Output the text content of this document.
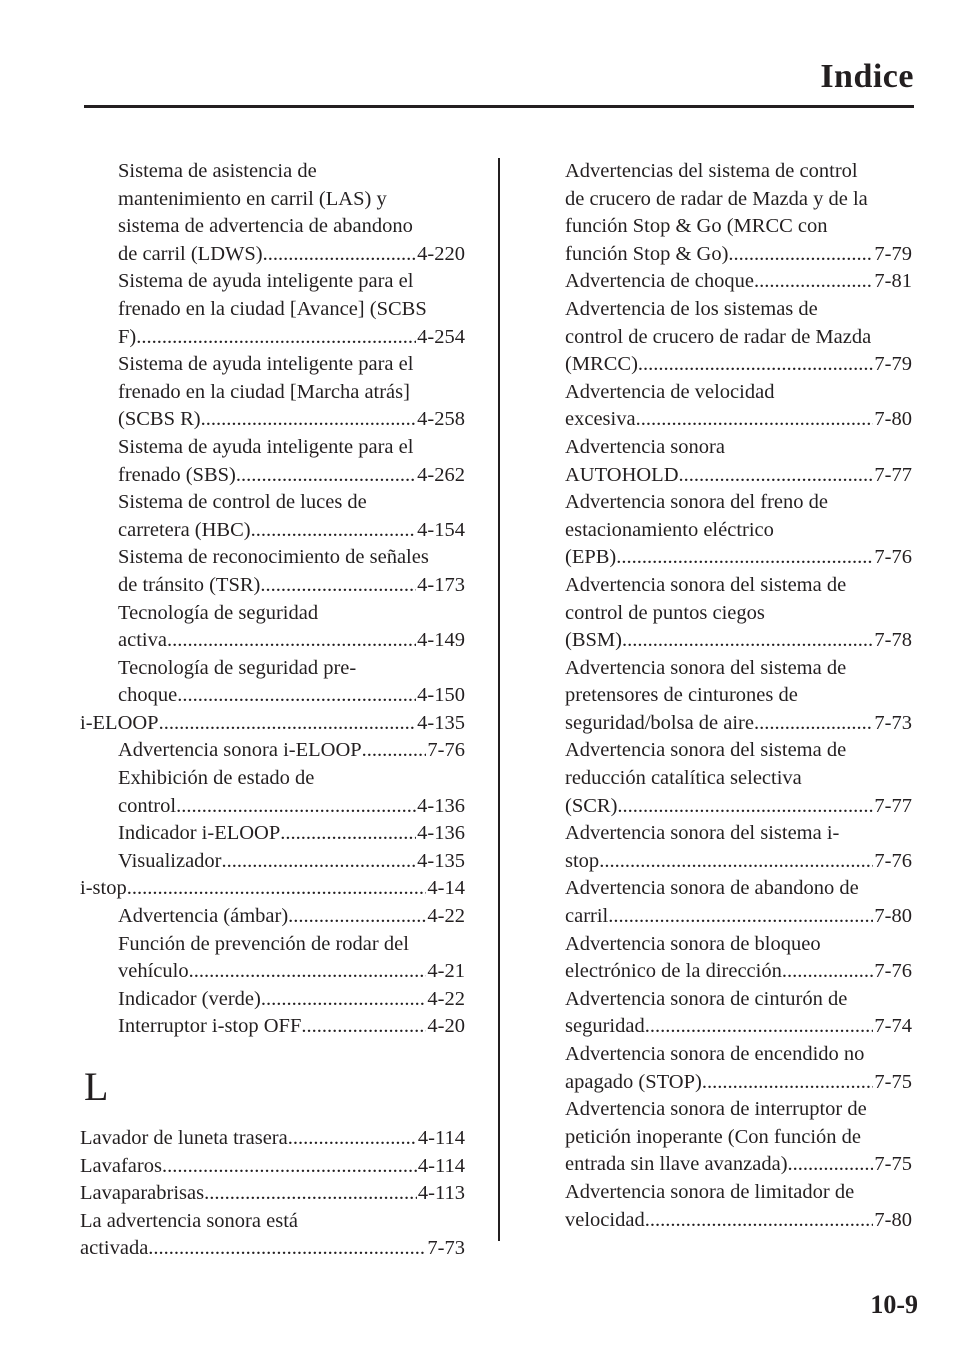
Indice
Sistema de asistencia de
mantenimiento en carril (LAS) y
sistema de advertencia de abandono
de carril (LDWS) .....	4-220
Sistema de ayuda inteligente para el
frenado en la ciudad [Avance] (SCBS
F) .....	4-254
Sistema de ayuda inteligente para el
frenado en la ciudad [Marcha atrás]
(SCBS R) .....	4-258
Sistema de ayuda inteligente para el
frenado (SBS) .....	4-262
Sistema de control de luces de
carretera (HBC) .....	4-154
Sistema de reconocimiento de señales
de tránsito (TSR) .....	4-173
Tecnología de seguridad
activa .....	4-149
Tecnología de seguridad pre-
choque .....	4-150
i-ELOOP .....	4-135
Advertencia sonora i-ELOOP .....	7-76
Exhibición de estado de
control .....	4-136
Indicador i-ELOOP .....	4-136
Visualizador .....	4-135
i-stop .....	4-14
Advertencia (ámbar) .....	4-22
Función de prevención de rodar del
vehículo .....	4-21
Indicador (verde) .....	4-22
Interruptor i-stop OFF .....	4-20
L
Lavador de luneta trasera .....	4-114
Lavafaros .....	4-114
Lavaparabrisas .....	4-113
La advertencia sonora está
activada .....	7-73
Advertencias del sistema de control
de crucero de radar de Mazda y de la
función Stop & Go (MRCC con
función Stop & Go) .....	7-79
Advertencia de choque .....	7-81
Advertencia de los sistemas de
control de crucero de radar de Mazda
(MRCC) .....	7-79
Advertencia de velocidad
excesiva .....	7-80
Advertencia sonora
AUTOHOLD .....	7-77
Advertencia sonora del freno de
estacionamiento eléctrico
(EPB) .....	7-76
Advertencia sonora del sistema de
control de puntos ciegos
(BSM) .....	7-78
Advertencia sonora del sistema de
pretensores de cinturones de
seguridad/bolsa de aire .....	7-73
Advertencia sonora del sistema de
reducción catalítica selectiva
(SCR) .....	7-77
Advertencia sonora del sistema i-
stop .....	7-76
Advertencia sonora de abandono de
carril .....	7-80
Advertencia sonora de bloqueo
electrónico de la dirección .....	7-76
Advertencia sonora de cinturón de
seguridad .....	7-74
Advertencia sonora de encendido no
apagado (STOP) .....	7-75
Advertencia sonora de interruptor de
petición inoperante (Con función de
entrada sin llave avanzada) .....	7-75
Advertencia sonora de limitador de
velocidad .....	7-80
10-9
